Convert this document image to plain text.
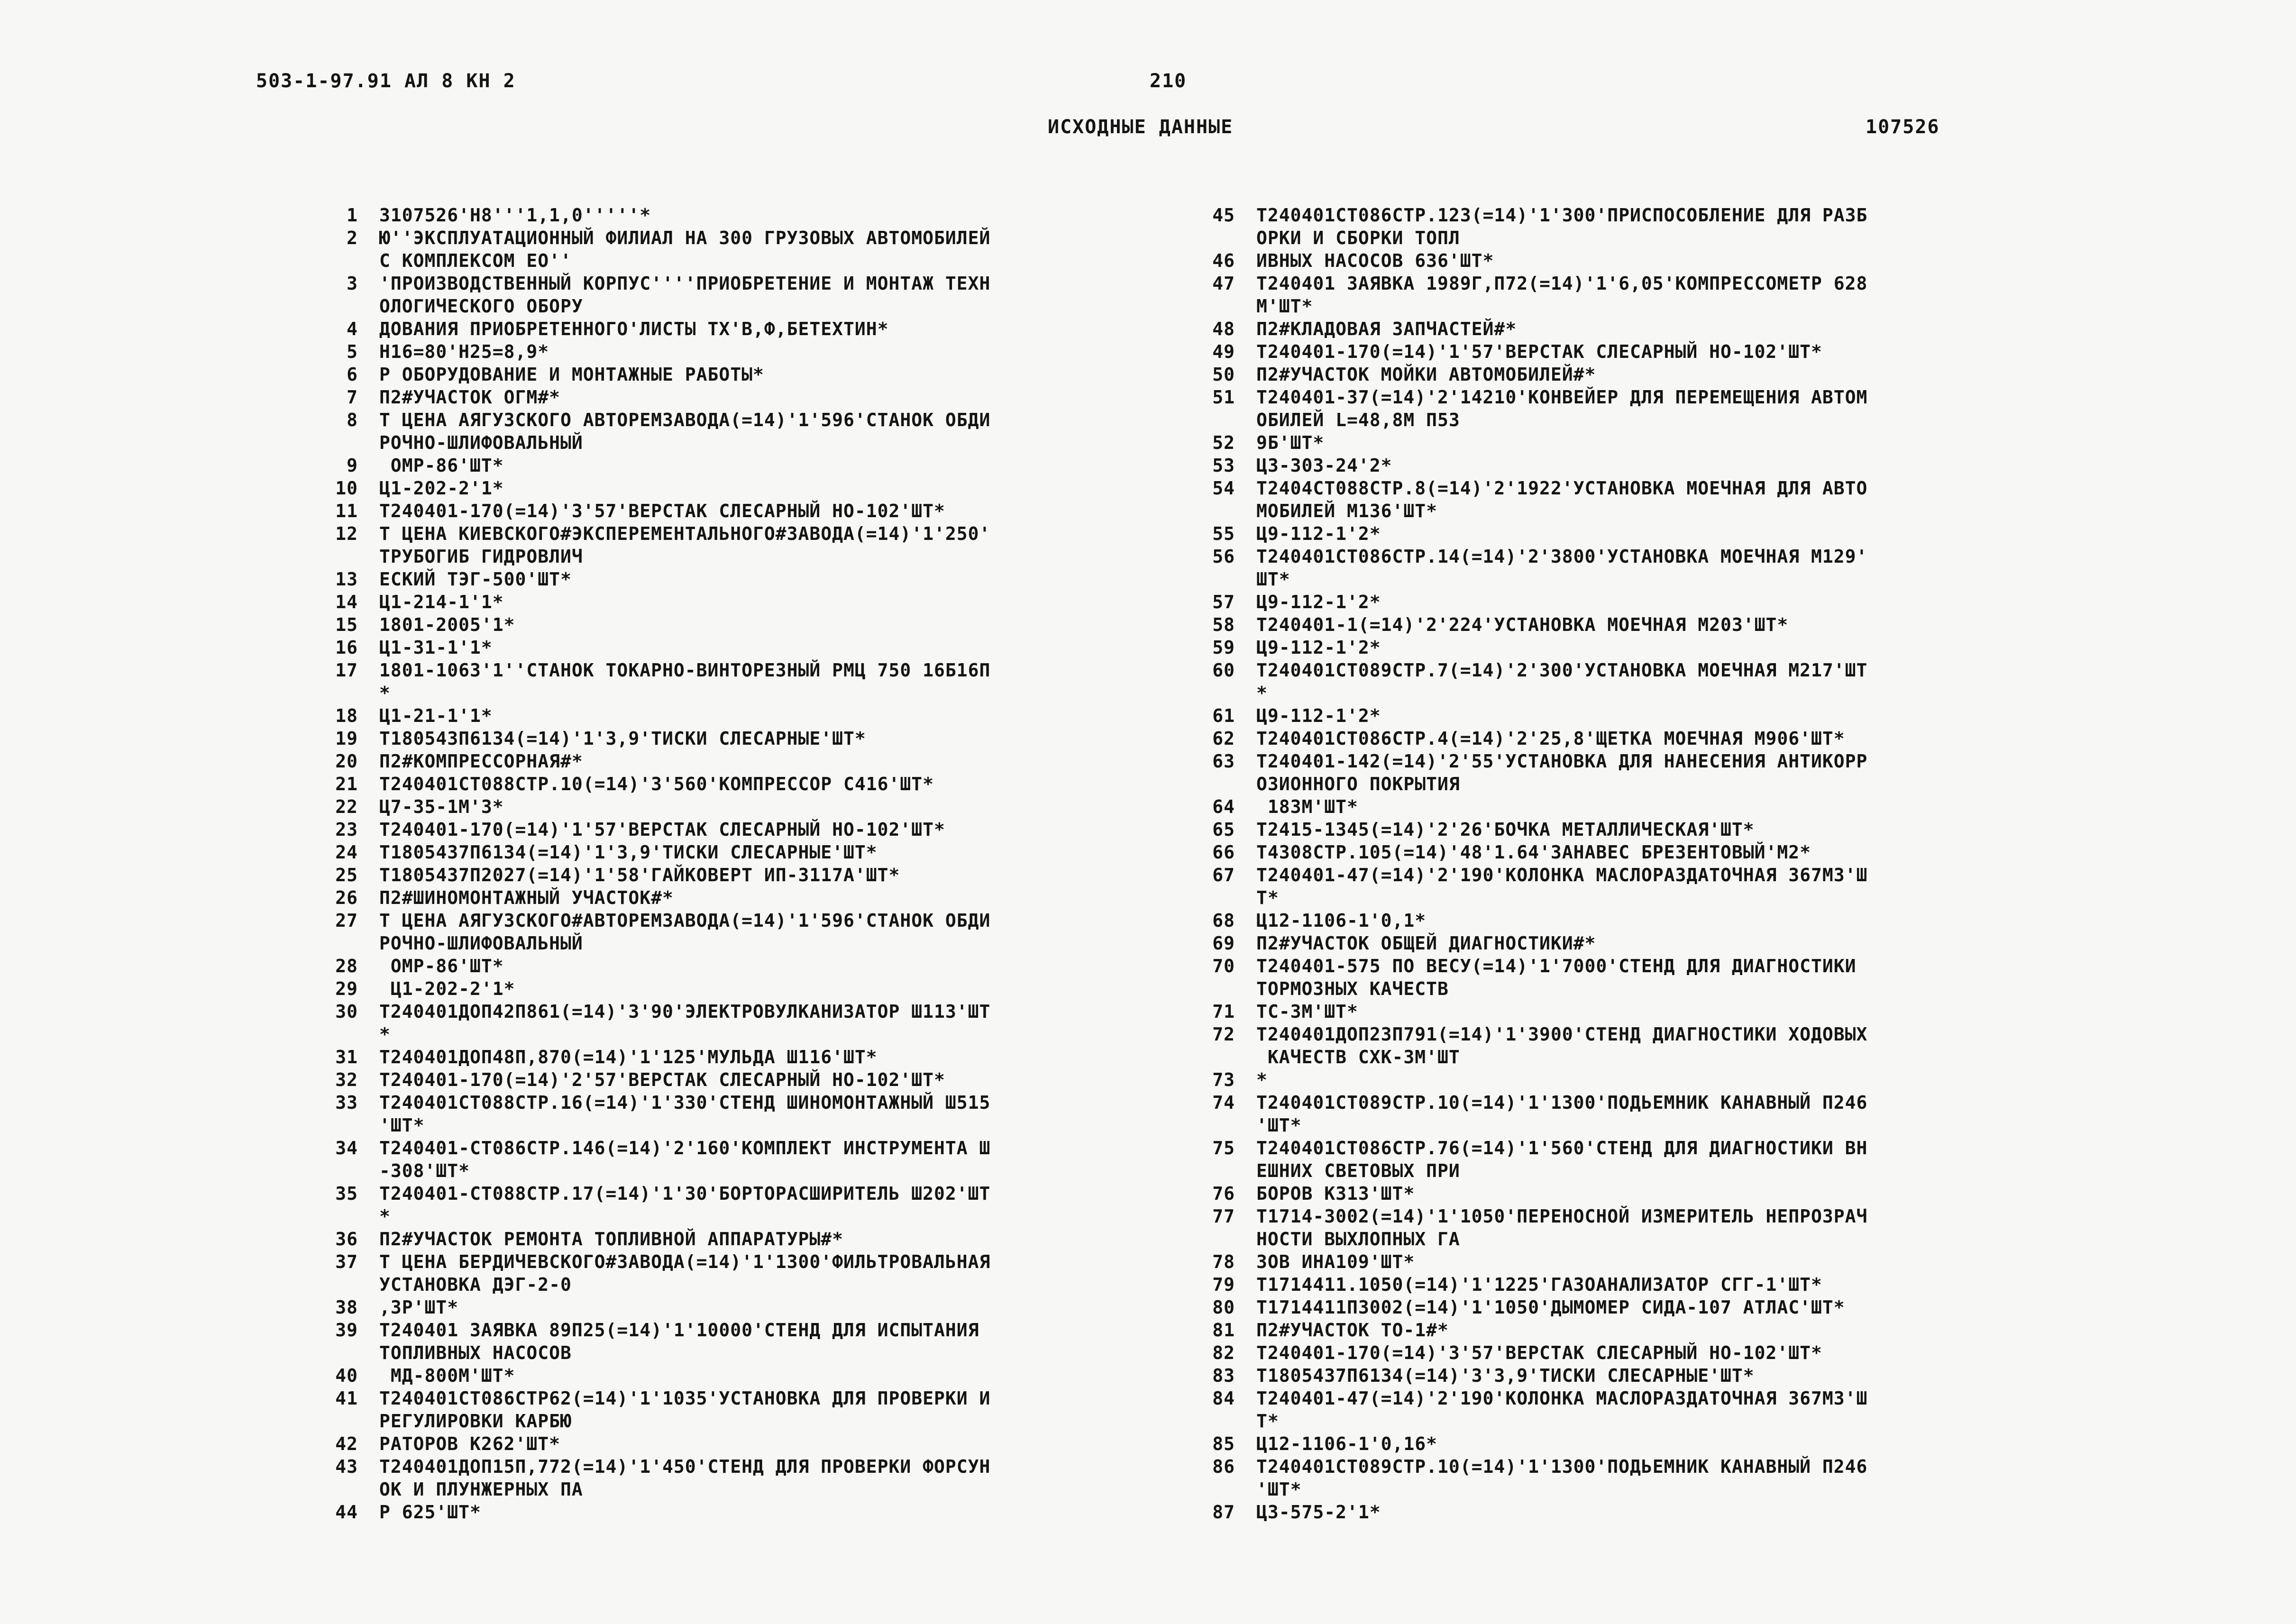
503-1-97.91 АЛ 8 КН 2	210
ИСХОДНЫЕ ДАННЫЕ	107526
1	3107526'Н8'''1,1,0'''''*
2	Ю''ЭКСПЛУАТАЦИОННЫЙ ФИЛИАЛ НА 300 ГРУЗОВЫХ АВТОМОБИЛЕЙ
С КОМПЛЕКСОМ ЕО''
3	'ПРОИЗВОДСТВЕННЫЙ КОРПУС''''ПРИОБРЕТЕНИЕ И МОНТАЖ ТЕХН
ОЛОГИЧЕСКОГО ОБОРУ
4	ДОВАНИЯ ПРИОБРЕТЕННОГО'ЛИСТЫ ТХ'В,Ф,БЕТЕХТИН*
5	Н16=80'Н25=8,9*
6	Р ОБОРУДОВАНИЕ И МОНТАЖНЫЕ РАБОТЫ*
7	П2#УЧАСТОК ОГМ#*
8	Т ЦЕНА АЯГУЗСКОГО АВТОРЕМЗАВОДА(=14)'1'596'СТАНОК ОБДИ
РОЧНО-ШЛИФОВАЛЬНЫЙ
9	ОМР-86'ШТ*
10	Ц1-202-2'1*
11	Т240401-170(=14)'3'57'ВЕРСТАК СЛЕСАРНЫЙ НО-102'ШТ*
12	Т ЦЕНА КИЕВСКОГО#ЭКСПЕРЕМЕНТАЛЬНОГО#ЗАВОДА(=14)'1'250'
ТРУБОГИБ ГИДРОВЛИЧ
13	ЕСКИЙ ТЭГ-500'ШТ*
14	Ц1-214-1'1*
15	1801-2005'1*
16	Ц1-31-1'1*
17	1801-1063'1''СТАНОК ТОКАРНО-ВИНТОРЕЗНЫЙ РМЦ 750 16Б16П
*
18	Ц1-21-1'1*
19	Т180543П6134(=14)'1'3,9'ТИСКИ СЛЕСАРНЫЕ'ШТ*
20	П2#КОМПРЕССОРНАЯ#*
21	Т240401СТ088СТР.10(=14)'3'560'КОМПРЕССОР С416'ШТ*
22	Ц7-35-1М'3*
23	Т240401-170(=14)'1'57'ВЕРСТАК СЛЕСАРНЫЙ НО-102'ШТ*
24	Т1805437П6134(=14)'1'3,9'ТИСКИ СЛЕСАРНЫЕ'ШТ*
25	Т1805437П2027(=14)'1'58'ГАЙКОВЕРТ ИП-3117А'ШТ*
26	П2#ШИНОМОНТАЖНЫЙ УЧАСТОК#*
27	Т ЦЕНА АЯГУЗСКОГО#АВТОРЕМЗАВОДА(=14)'1'596'СТАНОК ОБДИ
РОЧНО-ШЛИФОВАЛЬНЫЙ
28	ОМР-86'ШТ*
29	Ц1-202-2'1*
30	Т240401ДОП42П861(=14)'3'90'ЭЛЕКТРОВУЛКАНИЗАТОР Ш113'ШТ
*
31	Т240401ДОП48П,870(=14)'1'125'МУЛЬДА Ш116'ШТ*
32	Т240401-170(=14)'2'57'ВЕРСТАК СЛЕСАРНЫЙ НО-102'ШТ*
33	Т240401СТ088СТР.16(=14)'1'330'СТЕНД ШИНОМОНТАЖНЫЙ Ш515
'ШТ*
34	Т240401-СТ086СТР.146(=14)'2'160'КОМПЛЕКТ ИНСТРУМЕНТА Ш
-308'ШТ*
35	Т240401-СТ088СТР.17(=14)'1'30'БОРТОРАСШИРИТЕЛЬ Ш202'ШТ
*
36	П2#УЧАСТОК РЕМОНТА ТОПЛИВНОЙ АППАРАТУРЫ#*
37	Т ЦЕНА БЕРДИЧЕВСКОГО#ЗАВОДА(=14)'1'1300'ФИЛЬТРОВАЛЬНАЯ
УСТАНОВКА ДЭГ-2-0
38	,3Р'ШТ*
39	Т240401 ЗАЯВКА 89П25(=14)'1'10000'СТЕНД ДЛЯ ИСПЫТАНИЯ
ТОПЛИВНЫХ НАСОСОВ
40	МД-800М'ШТ*
41	Т240401СТ086СТР62(=14)'1'1035'УСТАНОВКА ДЛЯ ПРОВЕРКИ И
РЕГУЛИРОВКИ КАРБЮ
42	РАТОРОВ К262'ШТ*
43	Т240401ДОП15П,772(=14)'1'450'СТЕНД ДЛЯ ПРОВЕРКИ ФОРСУН
ОК И ПЛУНЖЕРНЫХ ПА
44	Р 625'ШТ*
45	Т240401СТ086СТР.123(=14)'1'300'ПРИСПОСОБЛЕНИЕ ДЛЯ РАЗБ
ОРКИ И СБОРКИ ТОПЛ
46	ИВНЫХ НАСОСОВ 636'ШТ*
47	Т240401 ЗАЯВКА 1989Г,П72(=14)'1'6,05'КОМПРЕССОМЕТР 628
М'ШТ*
48	П2#КЛАДОВАЯ ЗАПЧАСТЕЙ#*
49	Т240401-170(=14)'1'57'ВЕРСТАК СЛЕСАРНЫЙ НО-102'ШТ*
50	П2#УЧАСТОК МОЙКИ АВТОМОБИЛЕЙ#*
51	Т240401-37(=14)'2'14210'КОНВЕЙЕР ДЛЯ ПЕРЕМЕЩЕНИЯ АВТОМ
ОБИЛЕЙ L=48,8М П53
52	9Б'ШТ*
53	Ц3-303-24'2*
54	Т2404СТ088СТР.8(=14)'2'1922'УСТАНОВКА МОЕЧНАЯ ДЛЯ АВТО
МОБИЛЕЙ М136'ШТ*
55	Ц9-112-1'2*
56	Т240401СТ086СТР.14(=14)'2'3800'УСТАНОВКА МОЕЧНАЯ М129'
ШТ*
57	Ц9-112-1'2*
58	Т240401-1(=14)'2'224'УСТАНОВКА МОЕЧНАЯ М203'ШТ*
59	Ц9-112-1'2*
60	Т240401СТ089СТР.7(=14)'2'300'УСТАНОВКА МОЕЧНАЯ М217'ШТ
*
61	Ц9-112-1'2*
62	Т240401СТ086СТР.4(=14)'2'25,8'ЩЕТКА МОЕЧНАЯ М906'ШТ*
63	Т240401-142(=14)'2'55'УСТАНОВКА ДЛЯ НАНЕСЕНИЯ АНТИКОРР
ОЗИОННОГО ПОКРЫТИЯ
64	183М'ШТ*
65	Т2415-1345(=14)'2'26'БОЧКА МЕТАЛЛИЧЕСКАЯ'ШТ*
66	Т4308СТР.105(=14)'48'1.64'ЗАНАВЕС БРЕЗЕНТОВЫЙ'М2*
67	Т240401-47(=14)'2'190'КОЛОНКА МАСЛОРАЗДАТОЧНАЯ 367М3'Ш
Т*
68	Ц12-1106-1'0,1*
69	П2#УЧАСТОК ОБЩЕЙ ДИАГНОСТИКИ#*
70	Т240401-575 ПО ВЕСУ(=14)'1'7000'СТЕНД ДЛЯ ДИАГНОСТИКИ
ТОРМОЗНЫХ КАЧЕСТВ
71	ТС-3М'ШТ*
72	Т240401ДОП23П791(=14)'1'3900'СТЕНД ДИАГНОСТИКИ ХОДОВЫХ
КАЧЕСТВ СХК-3М'ШТ
73	*
74	Т240401СТ089СТР.10(=14)'1'1300'ПОДЬЕМНИК КАНАВНЫЙ П246
'ШТ*
75	Т240401СТ086СТР.76(=14)'1'560'СТЕНД ДЛЯ ДИАГНОСТИКИ ВН
ЕШНИХ СВЕТОВЫХ ПРИ
76	БОРОВ К313'ШТ*
77	Т1714-3002(=14)'1'1050'ПЕРЕНОСНОЙ ИЗМЕРИТЕЛЬ НЕПРОЗРАЧ
НОСТИ ВЫХЛОПНЫХ ГА
78	ЗОВ ИНА109'ШТ*
79	Т1714411.1050(=14)'1'1225'ГАЗОАНАЛИЗАТОР СГГ-1'ШТ*
80	Т1714411П3002(=14)'1'1050'ДЫМОМЕР СИДА-107 АТЛАС'ШТ*
81	П2#УЧАСТОК ТО-1#*
82	Т240401-170(=14)'3'57'ВЕРСТАК СЛЕСАРНЫЙ НО-102'ШТ*
83	Т1805437П6134(=14)'3'3,9'ТИСКИ СЛЕСАРНЫЕ'ШТ*
84	Т240401-47(=14)'2'190'КОЛОНКА МАСЛОРАЗДАТОЧНАЯ 367М3'Ш
Т*
85	Ц12-1106-1'0,16*
86	Т240401СТ089СТР.10(=14)'1'1300'ПОДЬЕМНИК КАНАВНЫЙ П246
'ШТ*
87	Ц3-575-2'1*
